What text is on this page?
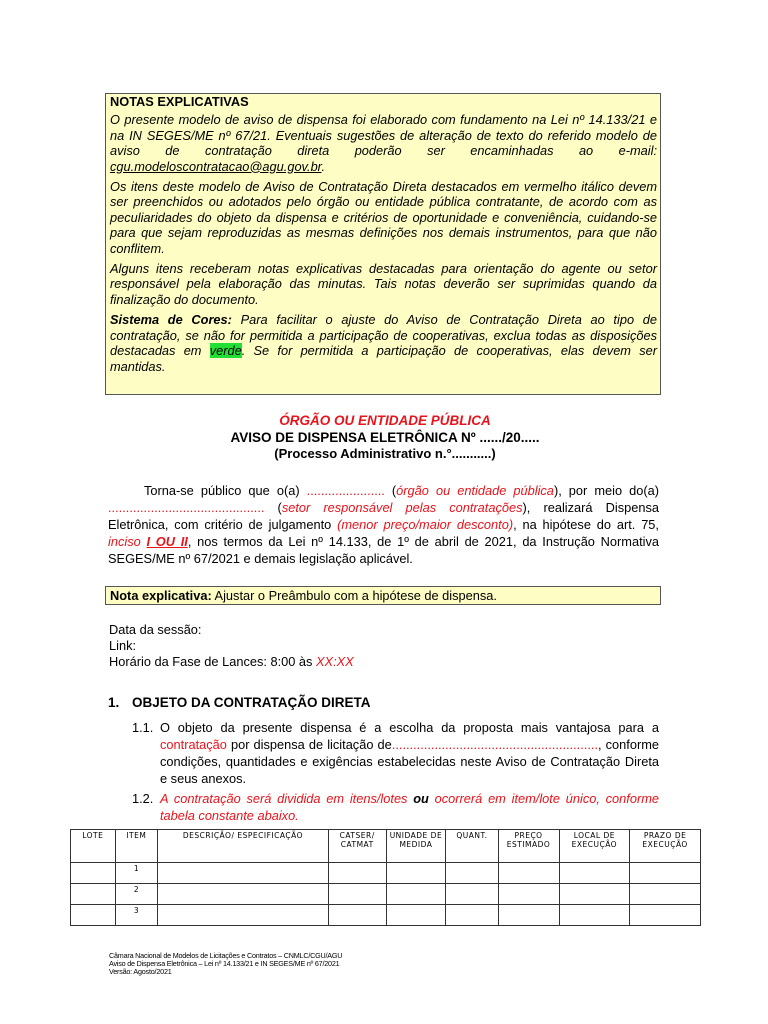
NOTAS EXPLICATIVAS

O presente modelo de aviso de dispensa foi elaborado com fundamento na Lei nº 14.133/21 e na IN SEGES/ME nº 67/21. Eventuais sugestões de alteração de texto do referido modelo de aviso de contratação direta poderão ser encaminhadas ao e-mail: cgu.modeloscontratacao@agu.gov.br.

Os itens deste modelo de Aviso de Contratação Direta destacados em vermelho itálico devem ser preenchidos ou adotados pelo órgão ou entidade pública contratante, de acordo com as peculiaridades do objeto da dispensa e critérios de oportunidade e conveniência, cuidando-se para que sejam reproduzidas as mesmas definições nos demais instrumentos, para que não conflitem.

Alguns itens receberam notas explicativas destacadas para orientação do agente ou setor responsável pela elaboração das minutas. Tais notas deverão ser suprimidas quando da finalização do documento.

Sistema de Cores: Para facilitar o ajuste do Aviso de Contratação Direta ao tipo de contratação, se não for permitida a participação de cooperativas, exclua todas as disposições destacadas em verde. Se for permitida a participação de cooperativas, elas devem ser mantidas.

ÓRGÃO OU ENTIDADE PÚBLICA
AVISO DE DISPENSA ELETRÔNICA Nº ....../20.....
(Processo Administrativo n.°...........)
Torna-se público que o(a) ...................... (órgão ou entidade pública), por meio do(a) ............................................ (setor responsável pelas contratações), realizará Dispensa Eletrônica, com critério de julgamento (menor preço/maior desconto), na hipótese do art. 75, inciso I OU II, nos termos da Lei nº 14.133, de 1º de abril de 2021, da Instrução Normativa SEGES/ME nº 67/2021 e demais legislação aplicável.
Nota explicativa: Ajustar o Preâmbulo com a hipótese de dispensa.
Data da sessão:
Link:
Horário da Fase de Lances: 8:00 às XX:XX
1. OBJETO DA CONTRATAÇÃO DIRETA
1.1. O objeto da presente dispensa é a escolha da proposta mais vantajosa para a contratação por dispensa de licitação de.........................................................., conforme condições, quantidades e exigências estabelecidas neste Aviso de Contratação Direta e seus anexos.
1.2. A contratação será dividida em itens/lotes ou ocorrerá em item/lote único, conforme tabela constante abaixo.
LOTE	ITEM	DESCRIÇÃO/ ESPECIFICAÇÃO	CATSER/ CATMAT	UNIDADE DE MEDIDA	QUANT.	PREÇO ESTIMADO	LOCAL DE EXECUÇÃO	PRAZO DE EXECUÇÃO
	1							
	2							
	3							
Câmara Nacional de Modelos de Licitações e Contratos – CNMLC/CGU/AGU
Aviso de Dispensa Eletrônica – Lei nº 14.133/21 e IN SEGES/ME nº 67/2021
Versão: Agosto/2021
